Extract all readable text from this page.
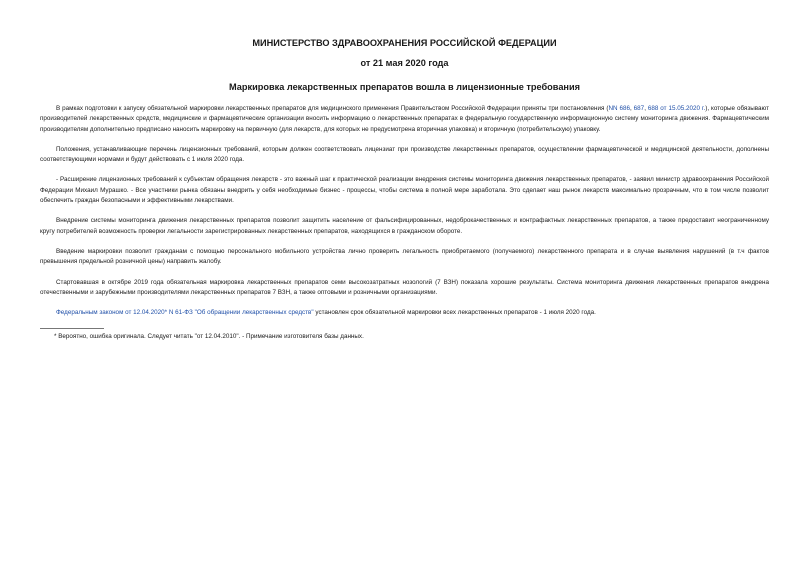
МИНИСТЕРСТВО ЗДРАВООХРАНЕНИЯ РОССИЙСКОЙ ФЕДЕРАЦИИ

от 21 мая 2020 года

Маркировка лекарственных препаратов вошла в лицензионные требования

В рамках подготовки к запуску обязательной маркировки лекарственных препаратов для медицинского применения Правительством Российской Федерации приняты три постановления (NN 686, 687, 688 от 15.05.2020 г.), которые обязывают производителей лекарственных средств, медицинские и фармацевтические организации вносить информацию о лекарственных препаратах в федеральную государственную информационную систему мониторинга движения. Фармацевтическим производителям дополнительно предписано наносить маркировку на первичную (для лекарств, для которых не предусмотрена вторичная упаковка) и вторичную (потребительскую) упаковку.

Положения, устанавливающие перечень лицензионных требований, которым должен соответствовать лицензиат при производстве лекарственных препаратов, осуществлении фармацевтической и медицинской деятельности, дополнены соответствующими нормами и будут действовать с 1 июля 2020 года.

- Расширение лицензионных требований к субъектам обращения лекарств - это важный шаг к практической реализации внедрения системы мониторинга движения лекарственных препаратов, - заявил министр здравоохранения Российской Федерации Михаил Мурашко. - Все участники рынка обязаны внедрить у себя необходимые бизнес - процессы, чтобы система в полной мере заработала. Это сделает наш рынок лекарств максимально прозрачным, что в том числе позволит обеспечить граждан безопасными и эффективными лекарствами.

Внедрение системы мониторинга движения лекарственных препаратов позволит защитить население от фальсифицированных, недоброкачественных и контрафактных лекарственных препаратов, а также предоставит неограниченному кругу потребителей возможность проверки легальности зарегистрированных лекарственных препаратов, находящихся в гражданском обороте.

Введение маркировки позволит гражданам с помощью персонального мобильного устройства лично проверить легальность приобретаемого (получаемого) лекарственного препарата и в случае выявления нарушений (в т.ч фактов превышения предельной розничной цены) направить жалобу.

Стартовавшая в октябре 2019 года обязательная маркировка лекарственных препаратов семи высокозатратных нозологий (7 ВЗН) показала хорошие результаты. Система мониторинга движения лекарственных препаратов внедрена отечественными и зарубежными производителями лекарственных препаратов 7 ВЗН, а также оптовыми и розничными организациями.

Федеральным законом от 12.04.2020* N 61-ФЗ "Об обращении лекарственных средств" установлен срок обязательной маркировки всех лекарственных препаратов - 1 июля 2020 года.

* Вероятно, ошибка оригинала. Следует читать "от 12.04.2010". - Примечание изготовителя базы данных.
